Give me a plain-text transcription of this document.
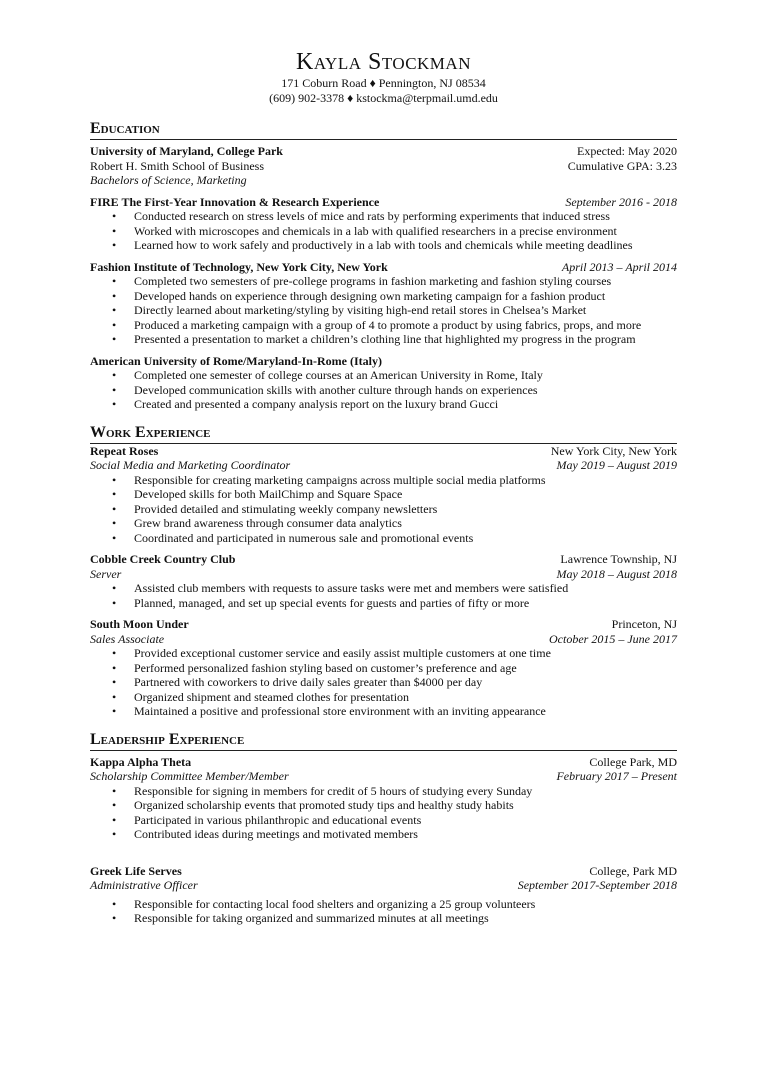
Kayla Stockman
171 Coburn Road ♦ Pennington, NJ 08534
(609) 902-3378 ♦ kstockma@terpmail.umd.edu
Education
University of Maryland, College Park	Expected: May 2020
Robert H. Smith School of Business	Cumulative GPA: 3.23
Bachelors of Science, Marketing
FIRE The First-Year Innovation & Research Experience	September 2016 - 2018
• Conducted research on stress levels of mice and rats by performing experiments that induced stress
• Worked with microscopes and chemicals in a lab with qualified researchers in a precise environment
• Learned how to work safely and productively in a lab with tools and chemicals while meeting deadlines
Fashion Institute of Technology, New York City, New York	April 2013 – April 2014
• Completed two semesters of pre-college programs in fashion marketing and fashion styling courses
• Developed hands on experience through designing own marketing campaign for a fashion product
• Directly learned about marketing/styling by visiting high-end retail stores in Chelsea’s Market
• Produced a marketing campaign with a group of 4 to promote a product by using fabrics, props, and more
• Presented a presentation to market a children’s clothing line that highlighted my progress in the program
American University of Rome/Maryland-In-Rome (Italy)
• Completed one semester of college courses at an American University in Rome, Italy
• Developed communication skills with another culture through hands on experiences
• Created and presented a company analysis report on the luxury brand Gucci
Work Experience
Repeat Roses	New York City, New York
Social Media and Marketing Coordinator	May 2019 – August 2019
• Responsible for creating marketing campaigns across multiple social media platforms
• Developed skills for both MailChimp and Square Space
• Provided detailed and stimulating weekly company newsletters
• Grew brand awareness through consumer data analytics
• Coordinated and participated in numerous sale and promotional events
Cobble Creek Country Club	Lawrence Township, NJ
Server	May 2018 – August 2018
• Assisted club members with requests to assure tasks were met and members were satisfied
• Planned, managed, and set up special events for guests and parties of fifty or more
South Moon Under	Princeton, NJ
Sales Associate	October 2015 – June 2017
• Provided exceptional customer service and easily assist multiple customers at one time
• Performed personalized fashion styling based on customer’s preference and age
• Partnered with coworkers to drive daily sales greater than $4000 per day
• Organized shipment and steamed clothes for presentation
• Maintained a positive and professional store environment with an inviting appearance
Leadership Experience
Kappa Alpha Theta	College Park, MD
Scholarship Committee Member/Member	February 2017 – Present
• Responsible for signing in members for credit of 5 hours of studying every Sunday
• Organized scholarship events that promoted study tips and healthy study habits
• Participated in various philanthropic and educational events
• Contributed ideas during meetings and motivated members
Greek Life Serves	College, Park MD
Administrative Officer	September 2017-September 2018
• Responsible for contacting local food shelters and organizing a 25 group volunteers
• Responsible for taking organized and summarized minutes at all meetings
